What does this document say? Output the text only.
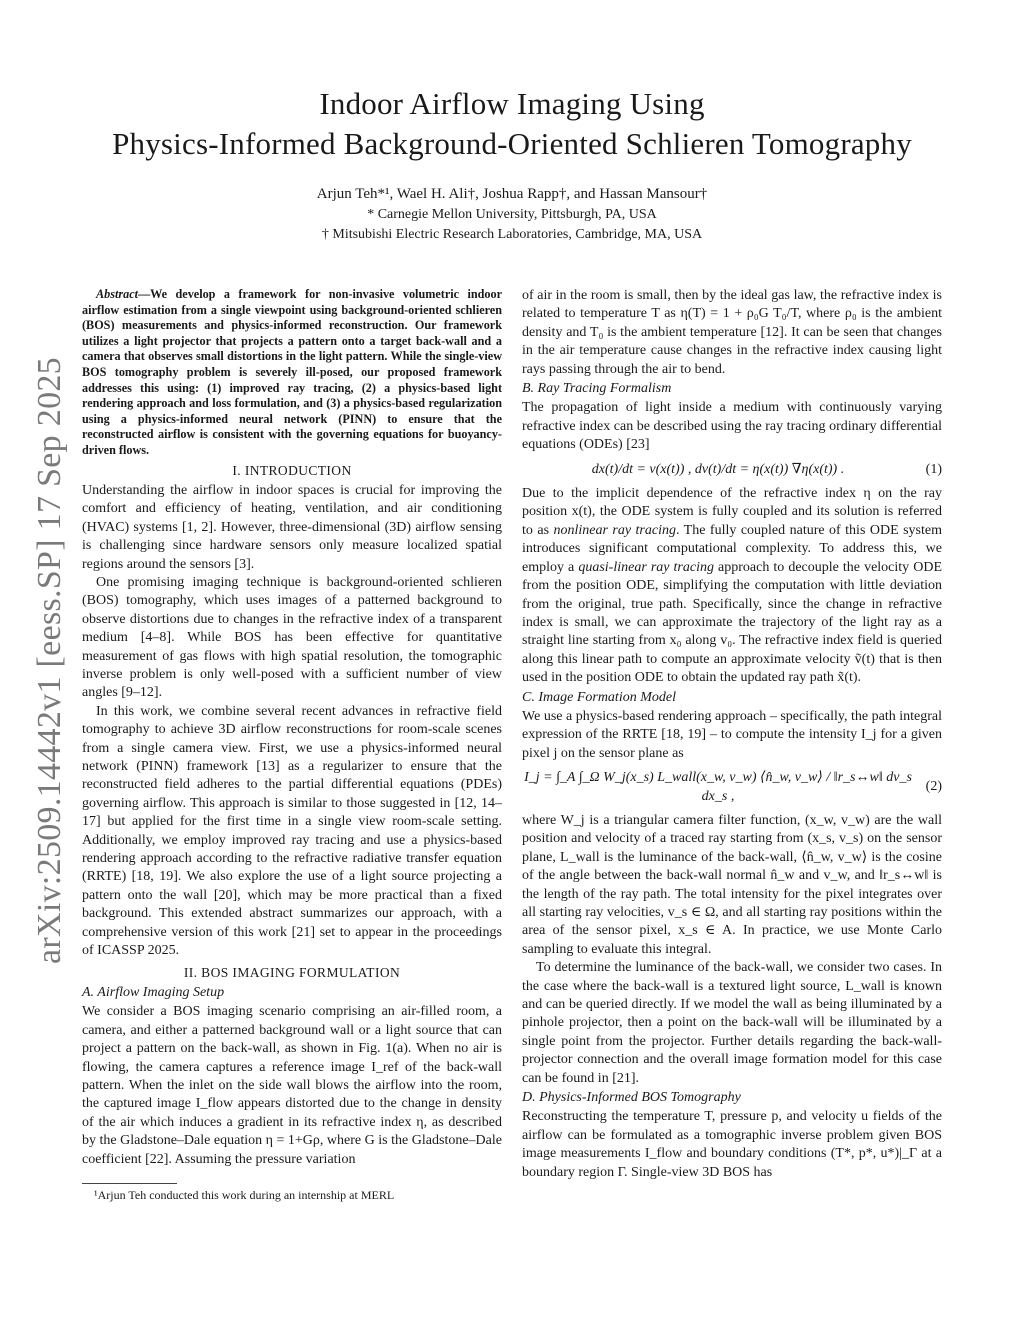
arXiv:2509.14442v1 [eess.SP] 17 Sep 2025
Indoor Airflow Imaging Using
Physics-Informed Background-Oriented Schlieren Tomography
Arjun Teh*¹, Wael H. Ali†, Joshua Rapp†, and Hassan Mansour†
* Carnegie Mellon University, Pittsburgh, PA, USA
† Mitsubishi Electric Research Laboratories, Cambridge, MA, USA

Abstract—We develop a framework for non-invasive volumetric indoor airflow estimation from a single viewpoint using background-oriented schlieren (BOS) measurements and physics-informed reconstruction. Our framework utilizes a light projector that projects a pattern onto a target back-wall and a camera that observes small distortions in the light pattern. While the single-view BOS tomography problem is severely ill-posed, our proposed framework addresses this using: (1) improved ray tracing, (2) a physics-based light rendering approach and loss formulation, and (3) a physics-based regularization using a physics-informed neural network (PINN) to ensure that the reconstructed airflow is consistent with the governing equations for buoyancy-driven flows.

I. INTRODUCTION

Understanding the airflow in indoor spaces is crucial for improving the comfort and efficiency of heating, ventilation, and air conditioning (HVAC) systems [1, 2]. However, three-dimensional (3D) airflow sensing is challenging since hardware sensors only measure localized spatial regions around the sensors [3].

One promising imaging technique is background-oriented schlieren (BOS) tomography, which uses images of a patterned background to observe distortions due to changes in the refractive index of a transparent medium [4–8]. While BOS has been effective for quantitative measurement of gas flows with high spatial resolution, the tomographic inverse problem is only well-posed with a sufficient number of view angles [9–12].

In this work, we combine several recent advances in refractive field tomography to achieve 3D airflow reconstructions for room-scale scenes from a single camera view. First, we use a physics-informed neural network (PINN) framework [13] as a regularizer to ensure that the reconstructed field adheres to the partial differential equations (PDEs) governing airflow. This approach is similar to those suggested in [12, 14–17] but applied for the first time in a single view room-scale setting. Additionally, we employ improved ray tracing and use a physics-based rendering approach according to the refractive radiative transfer equation (RRTE) [18, 19]. We also explore the use of a light source projecting a pattern onto the wall [20], which may be more practical than a fixed background. This extended abstract summarizes our approach, with a comprehensive version of this work [21] set to appear in the proceedings of ICASSP 2025.

II. BOS IMAGING FORMULATION
A. Airflow Imaging Setup

We consider a BOS imaging scenario comprising an air-filled room, a camera, and either a patterned background wall or a light source that can project a pattern on the back-wall, as shown in Fig. 1(a). When no air is flowing, the camera captures a reference image I_ref of the back-wall pattern. When the inlet on the side wall blows the airflow into the room, the captured image I_flow appears distorted due to the change in density of the air which induces a gradient in its refractive index η, as described by the Gladstone–Dale equation η = 1+Gρ, where G is the Gladstone–Dale coefficient [22]. Assuming the pressure variation

¹Arjun Teh conducted this work during an internship at MERL

of air in the room is small, then by the ideal gas law, the refractive index is related to temperature T as η(T) = 1 + ρ₀G T₀/T, where ρ₀ is the ambient density and T₀ is the ambient temperature [12]. It can be seen that changes in the air temperature cause changes in the refractive index causing light rays passing through the air to bend.

B. Ray Tracing Formalism

The propagation of light inside a medium with continuously varying refractive index can be described using the ray tracing ordinary differential equations (ODEs) [23]

dx(t)/dt = v(x(t)) , dv(t)/dt = η(x(t)) ∇η(x(t)) .	(1)

Due to the implicit dependence of the refractive index η on the ray position x(t), the ODE system is fully coupled and its solution is referred to as nonlinear ray tracing. The fully coupled nature of this ODE system introduces significant computational complexity. To address this, we employ a quasi-linear ray tracing approach to decouple the velocity ODE from the position ODE, simplifying the computation with little deviation from the original, true path. Specifically, since the change in refractive index is small, we can approximate the trajectory of the light ray as a straight line starting from x₀ along v₀. The refractive index field is queried along this linear path to compute an approximate velocity ṽ(t) that is then used in the position ODE to obtain the updated ray path x̃(t).

C. Image Formation Model

We use a physics-based rendering approach – specifically, the path integral expression of the RRTE [18, 19] – to compute the intensity I_j for a given pixel j on the sensor plane as

I_j = ∫_A ∫_Ω W_j(x_s) L_wall(x_w, v_w) ⟨n̂_w, v_w⟩ / ‖r_s↔w‖ dv_s dx_s ,
(2)

where W_j is a triangular camera filter function, (x_w, v_w) are the wall position and velocity of a traced ray starting from (x_s, v_s) on the sensor plane, L_wall is the luminance of the back-wall, ⟨n̂_w, v_w⟩ is the cosine of the angle between the back-wall normal n̂_w and v_w, and ‖r_s↔w‖ is the length of the ray path. The total intensity for the pixel integrates over all starting ray velocities, v_s ∈ Ω, and all starting ray positions within the area of the sensor pixel, x_s ∈ A. In practice, we use Monte Carlo sampling to evaluate this integral.

To determine the luminance of the back-wall, we consider two cases. In the case where the back-wall is a textured light source, L_wall is known and can be queried directly. If we model the wall as being illuminated by a pinhole projector, then a point on the back-wall will be illuminated by a single point from the projector. Further details regarding the back-wall-projector connection and the overall image formation model for this case can be found in [21].

D. Physics-Informed BOS Tomography

Reconstructing the temperature T, pressure p, and velocity u fields of the airflow can be formulated as a tomographic inverse problem given BOS image measurements I_flow and boundary conditions (T*, p*, u*)|_Γ at a boundary region Γ. Single-view 3D BOS has
